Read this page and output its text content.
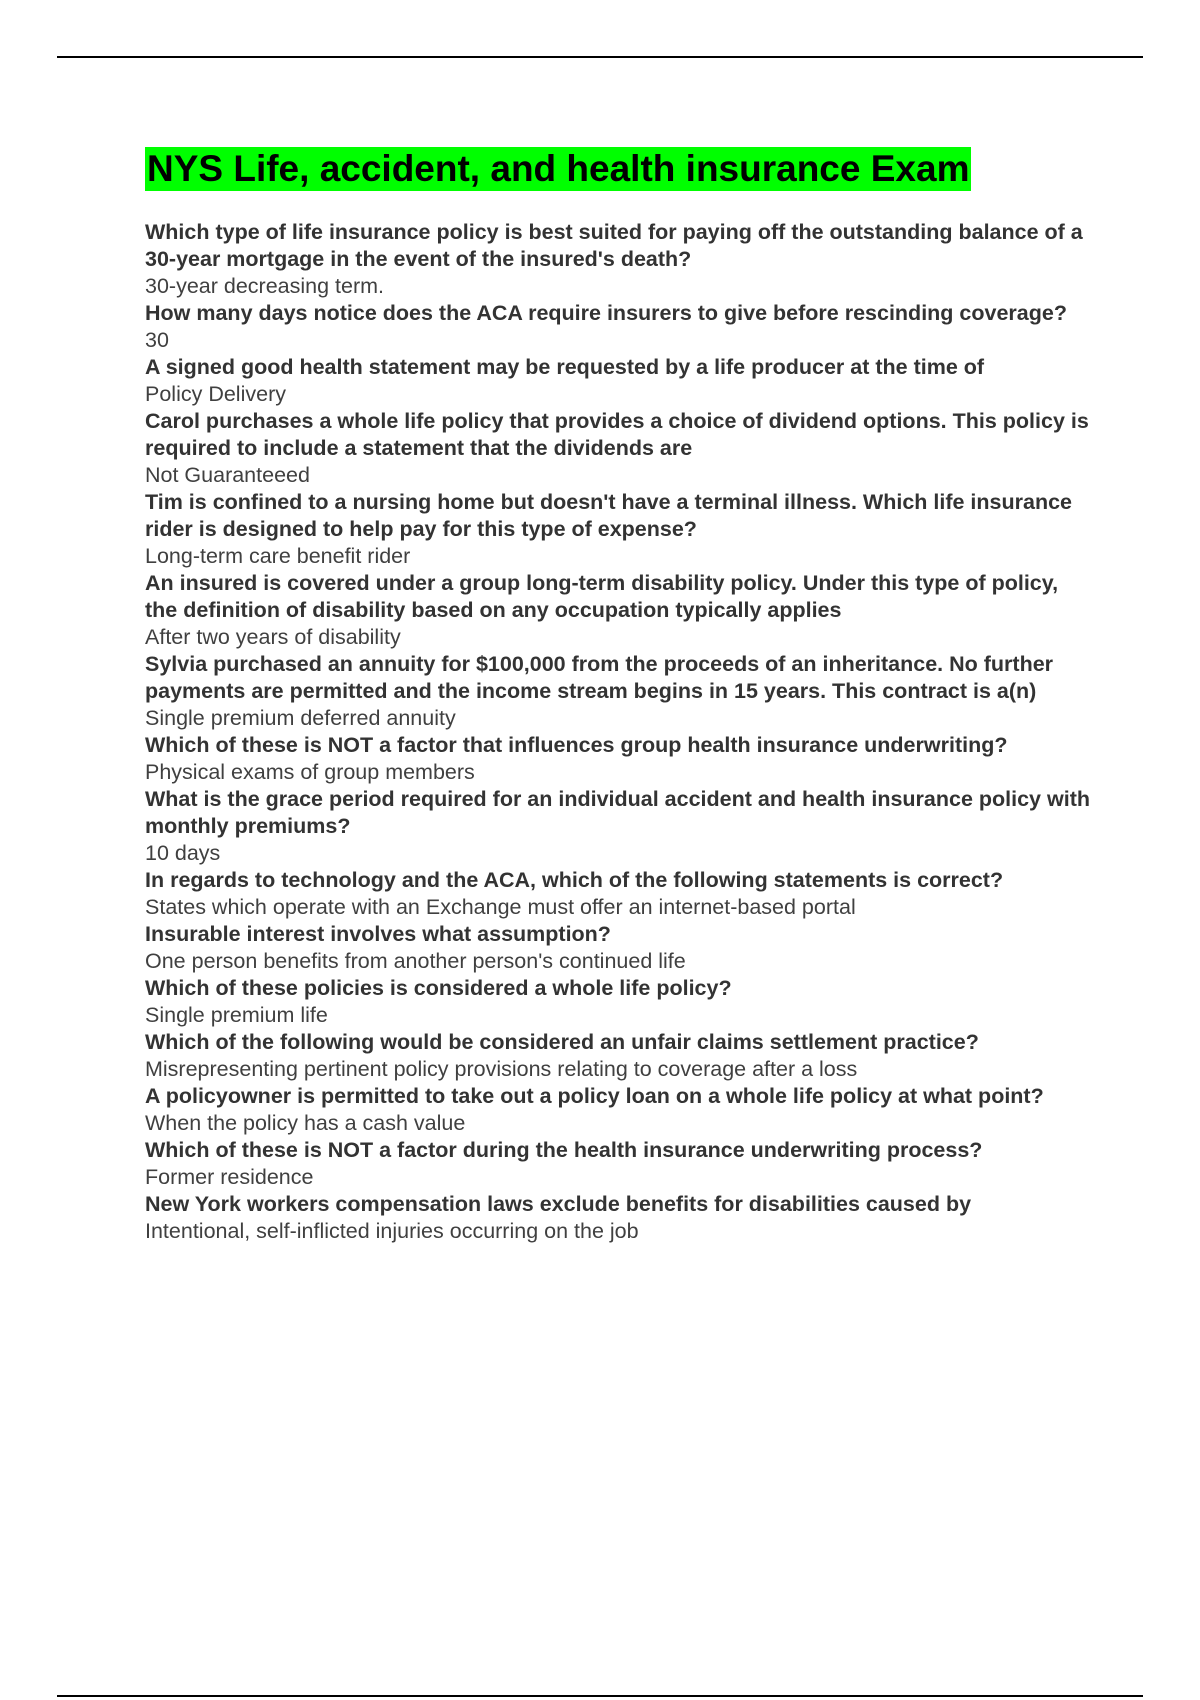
NYS Life, accident, and health insurance Exam
Which type of life insurance policy is best suited for paying off the outstanding balance of a 30-year mortgage in the event of the insured's death?
30-year decreasing term.
How many days notice does the ACA require insurers to give before rescinding coverage?
30
A signed good health statement may be requested by a life producer at the time of
Policy Delivery
Carol purchases a whole life policy that provides a choice of dividend options. This policy is required to include a statement that the dividends are
Not Guaranteeed
Tim is confined to a nursing home but doesn't have a terminal illness. Which life insurance rider is designed to help pay for this type of expense?
Long-term care benefit rider
An insured is covered under a group long-term disability policy. Under this type of policy, the definition of disability based on any occupation typically applies
After two years of disability
Sylvia purchased an annuity for $100,000 from the proceeds of an inheritance. No further payments are permitted and the income stream begins in 15 years. This contract is a(n)
Single premium deferred annuity
Which of these is NOT a factor that influences group health insurance underwriting?
Physical exams of group members
What is the grace period required for an individual accident and health insurance policy with monthly premiums?
10 days
In regards to technology and the ACA, which of the following statements is correct?
States which operate with an Exchange must offer an internet-based portal
Insurable interest involves what assumption?
One person benefits from another person's continued life
Which of these policies is considered a whole life policy?
Single premium life
Which of the following would be considered an unfair claims settlement practice?
Misrepresenting pertinent policy provisions relating to coverage after a loss
A policyowner is permitted to take out a policy loan on a whole life policy at what point?
When the policy has a cash value
Which of these is NOT a factor during the health insurance underwriting process?
Former residence
New York workers compensation laws exclude benefits for disabilities caused by
Intentional, self-inflicted injuries occurring on the job
